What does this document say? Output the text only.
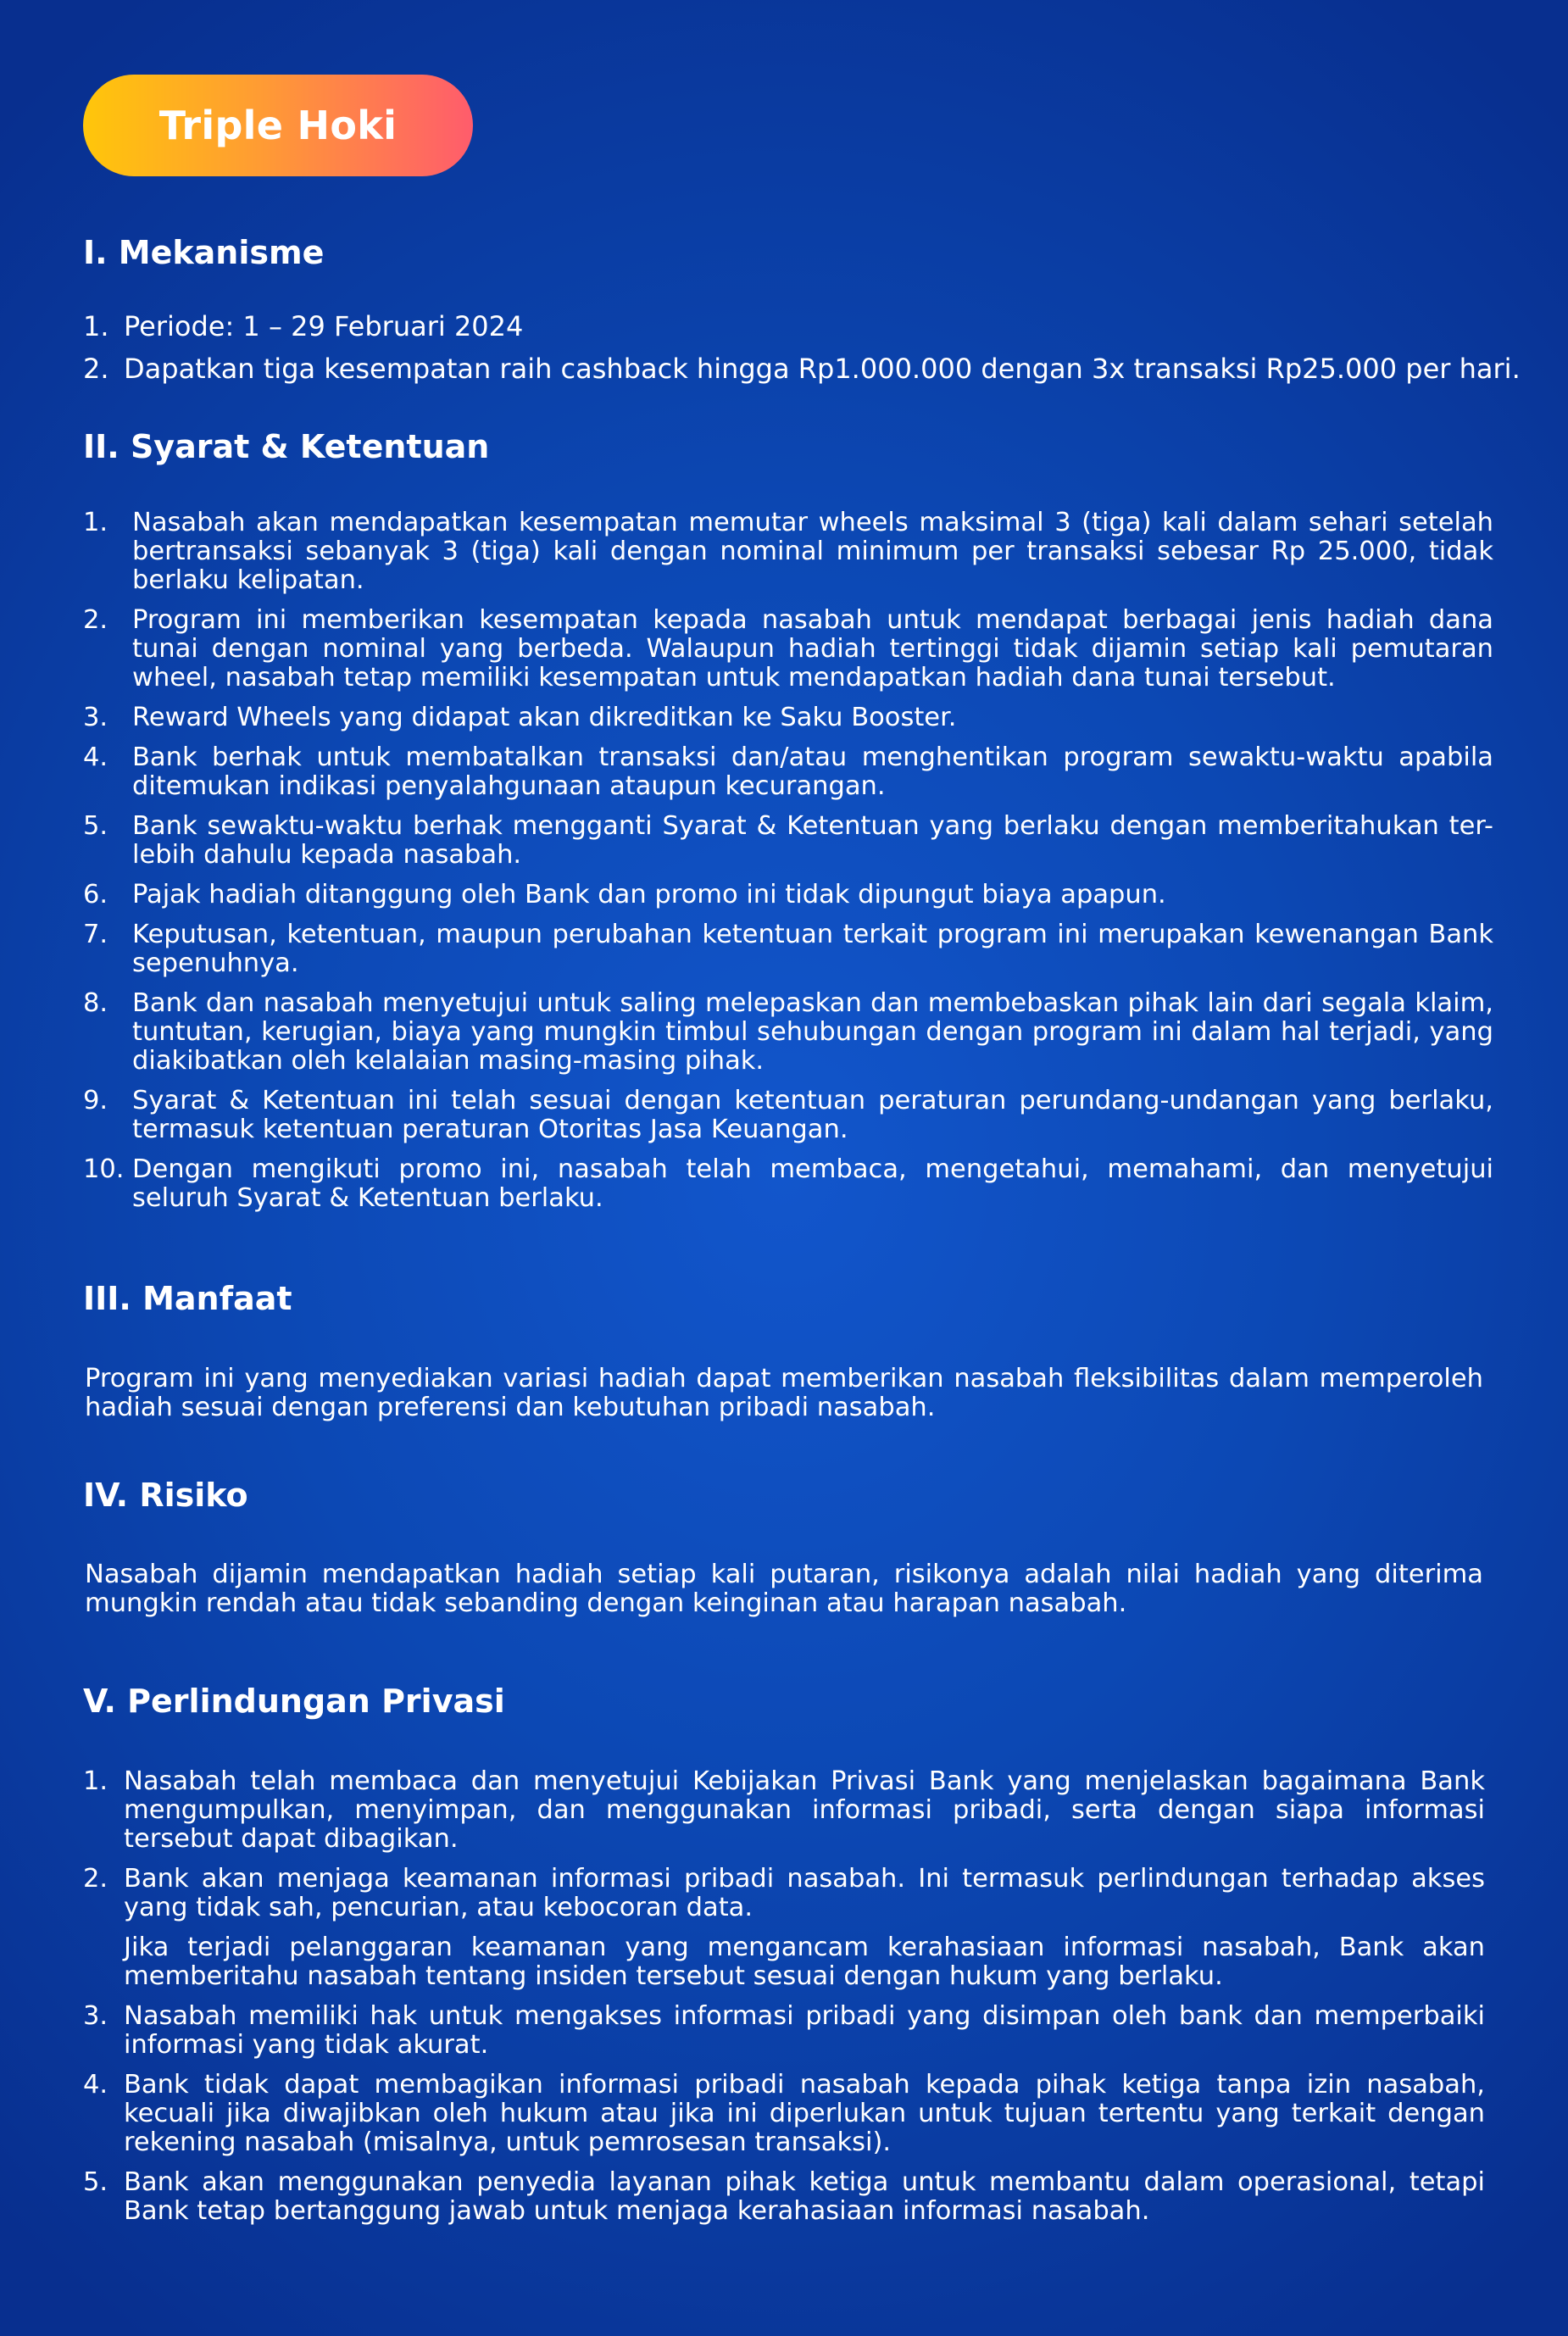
Triple Hoki
I. Mekanisme
1. Periode: 1 – 29 Februari 2024
2. Dapatkan tiga kesempatan raih cashback hingga Rp1.000.000 dengan 3x transaksi Rp25.000 per hari.
II. Syarat & Ketentuan
1. Nasabah akan mendapatkan kesempatan memutar wheels maksimal 3 (tiga) kali dalam sehari setelah bertransaksi sebanyak 3 (tiga) kali dengan nominal minimum per transaksi sebesar Rp 25.000, tidak berlaku kelipatan.
2. Program ini memberikan kesempatan kepada nasabah untuk mendapat berbagai jenis hadiah dana tunai dengan nominal yang berbeda. Walaupun hadiah tertinggi tidak dijamin setiap kali pemutaran wheel, nasabah tetap memiliki kesempatan untuk mendapatkan hadiah dana tunai tersebut.
3. Reward Wheels yang didapat akan dikreditkan ke Saku Booster.
4. Bank berhak untuk membatalkan transaksi dan/atau menghentikan program sewaktu-waktu apabila ditemukan indikasi penyalahgunaan ataupun kecurangan.
5. Bank sewaktu-waktu berhak mengganti Syarat & Ketentuan yang berlaku dengan memberitahukan ter-lebih dahulu kepada nasabah.
6. Pajak hadiah ditanggung oleh Bank dan promo ini tidak dipungut biaya apapun.
7. Keputusan, ketentuan, maupun perubahan ketentuan terkait program ini merupakan kewenangan Bank sepenuhnya.
8. Bank dan nasabah menyetujui untuk saling melepaskan dan membebaskan pihak lain dari segala klaim, tuntutan, kerugian, biaya yang mungkin timbul sehubungan dengan program ini dalam hal terjadi, yang diakibatkan oleh kelalaian masing-masing pihak.
9. Syarat & Ketentuan ini telah sesuai dengan ketentuan peraturan perundang-undangan yang berlaku, termasuk ketentuan peraturan Otoritas Jasa Keuangan.
10. Dengan mengikuti promo ini, nasabah telah membaca, mengetahui, memahami, dan menyetujui seluruh Syarat & Ketentuan berlaku.
III. Manfaat
Program ini yang menyediakan variasi hadiah dapat memberikan nasabah fleksibilitas dalam memperoleh hadiah sesuai dengan preferensi dan kebutuhan pribadi nasabah.
IV. Risiko
Nasabah dijamin mendapatkan hadiah setiap kali putaran, risikonya adalah nilai hadiah yang diterima mungkin rendah atau tidak sebanding dengan keinginan atau harapan nasabah.
V. Perlindungan Privasi
1. Nasabah telah membaca dan menyetujui Kebijakan Privasi Bank yang menjelaskan bagaimana Bank mengumpulkan, menyimpan, dan menggunakan informasi pribadi, serta dengan siapa informasi tersebut dapat dibagikan.
2. Bank akan menjaga keamanan informasi pribadi nasabah. Ini termasuk perlindungan terhadap akses yang tidak sah, pencurian, atau kebocoran data.
Jika terjadi pelanggaran keamanan yang mengancam kerahasiaan informasi nasabah, Bank akan memberitahu nasabah tentang insiden tersebut sesuai dengan hukum yang berlaku.
3. Nasabah memiliki hak untuk mengakses informasi pribadi yang disimpan oleh bank dan memperbaiki informasi yang tidak akurat.
4. Bank tidak dapat membagikan informasi pribadi nasabah kepada pihak ketiga tanpa izin nasabah, kecuali jika diwajibkan oleh hukum atau jika ini diperlukan untuk tujuan tertentu yang terkait dengan rekening nasabah (misalnya, untuk pemrosesan transaksi).
5. Bank akan menggunakan penyedia layanan pihak ketiga untuk membantu dalam operasional, tetapi Bank tetap bertanggung jawab untuk menjaga kerahasiaan informasi nasabah.
